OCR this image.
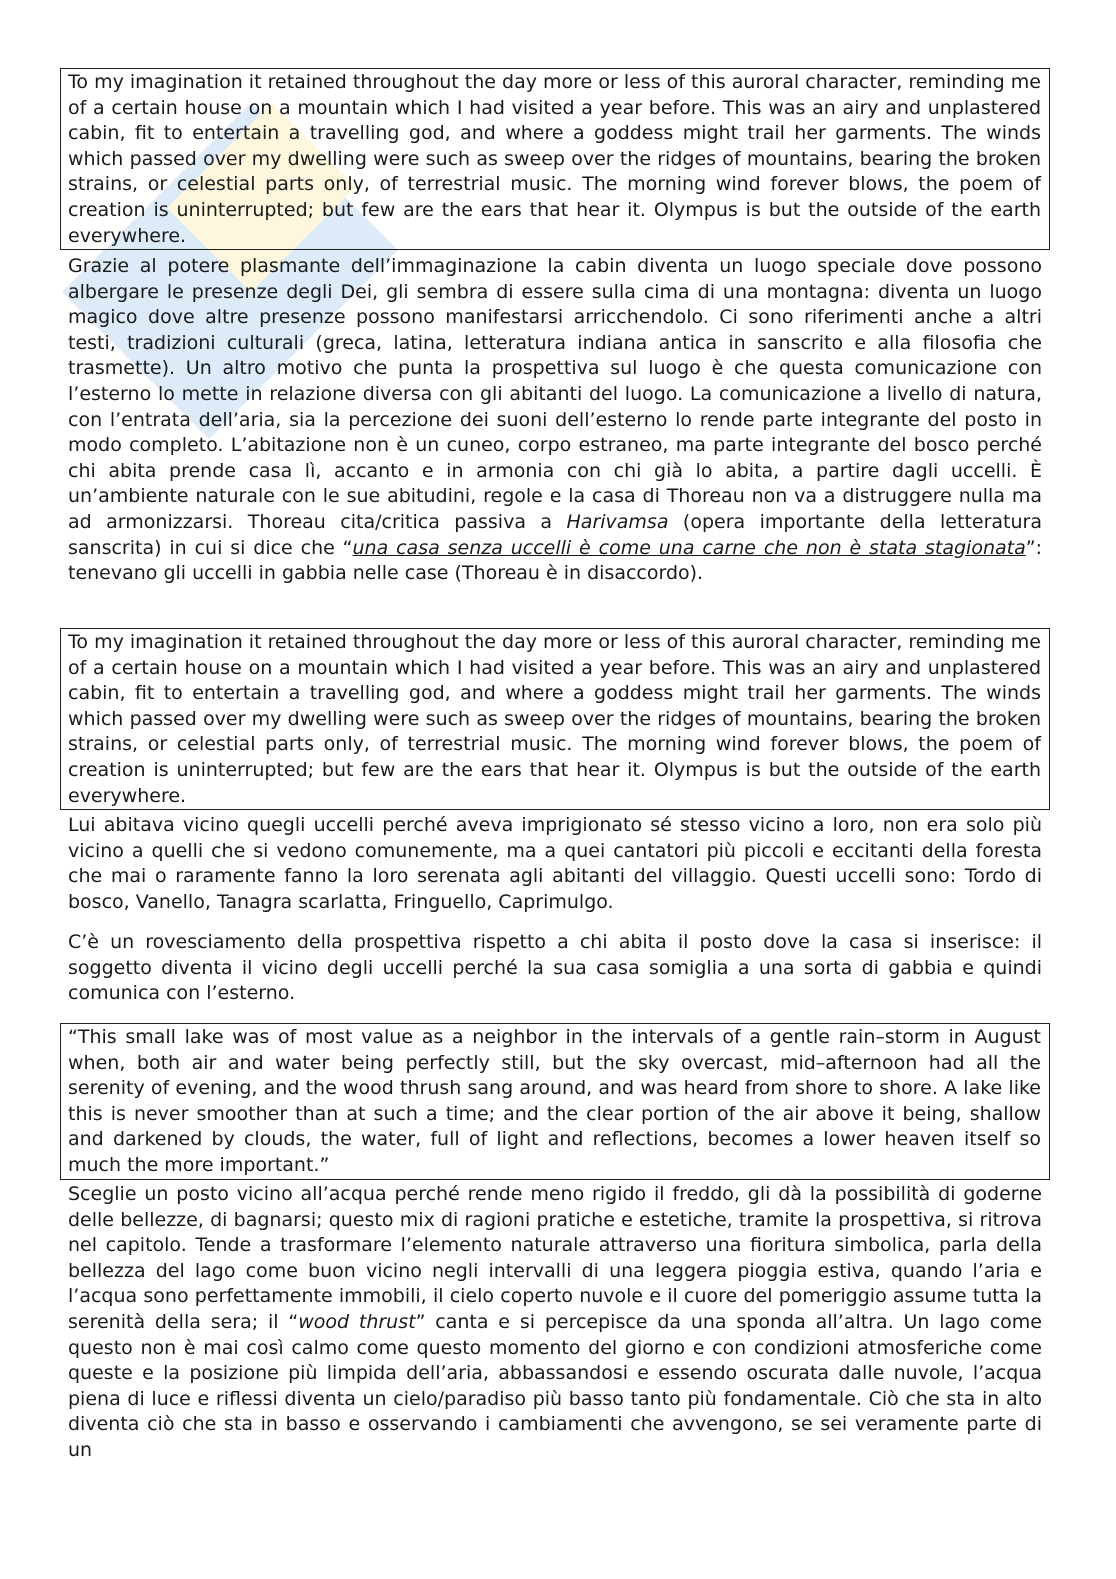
To my imagination it retained throughout the day more or less of this auroral character, reminding me of a certain house on a mountain which I had visited a year before. This was an airy and unplastered cabin, fit to entertain a travelling god, and where a goddess might trail her garments. The winds which passed over my dwelling were such as sweep over the ridges of mountains, bearing the broken strains, or celestial parts only, of terrestrial music. The morning wind forever blows, the poem of creation is uninterrupted; but few are the ears that hear it. Olympus is but the outside of the earth everywhere.
Grazie al potere plasmante dell’immaginazione la cabin diventa un luogo speciale dove possono albergare le presenze degli Dei, gli sembra di essere sulla cima di una montagna: diventa un luogo magico dove altre presenze possono manifestarsi arricchendolo. Ci sono riferimenti anche a altri testi, tradizioni culturali (greca, latina, letteratura indiana antica in sanscrito e alla filosofia che trasmette). Un altro motivo che punta la prospettiva sul luogo è che questa comunicazione con l’esterno lo mette in relazione diversa con gli abitanti del luogo. La comunicazione a livello di natura, con l’entrata dell’aria, sia la percezione dei suoni dell’esterno lo rende parte integrante del posto in modo completo. L’abitazione non è un cuneo, corpo estraneo, ma parte integrante del bosco perché chi abita prende casa lì, accanto e in armonia con chi già lo abita, a partire dagli uccelli. È un’ambiente naturale con le sue abitudini, regole e la casa di Thoreau non va a distruggere nulla ma ad armonizzarsi. Thoreau cita/critica passiva a Harivamsa (opera importante della letteratura sanscrita) in cui si dice che “una casa senza uccelli è come una carne che non è stata stagionata”: tenevano gli uccelli in gabbia nelle case (Thoreau è in disaccordo).
To my imagination it retained throughout the day more or less of this auroral character, reminding me of a certain house on a mountain which I had visited a year before. This was an airy and unplastered cabin, fit to entertain a travelling god, and where a goddess might trail her garments. The winds which passed over my dwelling were such as sweep over the ridges of mountains, bearing the broken strains, or celestial parts only, of terrestrial music. The morning wind forever blows, the poem of creation is uninterrupted; but few are the ears that hear it. Olympus is but the outside of the earth everywhere.
Lui abitava vicino quegli uccelli perché aveva imprigionato sé stesso vicino a loro, non era solo più vicino a quelli che si vedono comunemente, ma a quei cantatori più piccoli e eccitanti della foresta che mai o raramente fanno la loro serenata agli abitanti del villaggio. Questi uccelli sono: Tordo di bosco, Vanello, Tanagra scarlatta, Fringuello, Caprimulgo.
C’è un rovesciamento della prospettiva rispetto a chi abita il posto dove la casa si inserisce: il soggetto diventa il vicino degli uccelli perché la sua casa somiglia a una sorta di gabbia e quindi comunica con l’esterno.
“This small lake was of most value as a neighbor in the intervals of a gentle rain–storm in August when, both air and water being perfectly still, but the sky overcast, mid–afternoon had all the serenity of evening, and the wood thrush sang around, and was heard from shore to shore. A lake like this is never smoother than at such a time; and the clear portion of the air above it being, shallow and darkened by clouds, the water, full of light and reflections, becomes a lower heaven itself so much the more important.”
Sceglie un posto vicino all’acqua perché rende meno rigido il freddo, gli dà la possibilità di goderne delle bellezze, di bagnarsi; questo mix di ragioni pratiche e estetiche, tramite la prospettiva, si ritrova nel capitolo. Tende a trasformare l’elemento naturale attraverso una fioritura simbolica, parla della bellezza del lago come buon vicino negli intervalli di una leggera pioggia estiva, quando l’aria e l’acqua sono perfettamente immobili, il cielo coperto nuvole e il cuore del pomeriggio assume tutta la serenità della sera; il “wood thrust” canta e si percepisce da una sponda all’altra. Un lago come questo non è mai così calmo come questo momento del giorno e con condizioni atmosferiche come queste e la posizione più limpida dell’aria, abbassandosi e essendo oscurata dalle nuvole, l’acqua piena di luce e riflessi diventa un cielo/paradiso più basso tanto più fondamentale. Ciò che sta in alto diventa ciò che sta in basso e osservando i cambiamenti che avvengono, se sei veramente parte di un
